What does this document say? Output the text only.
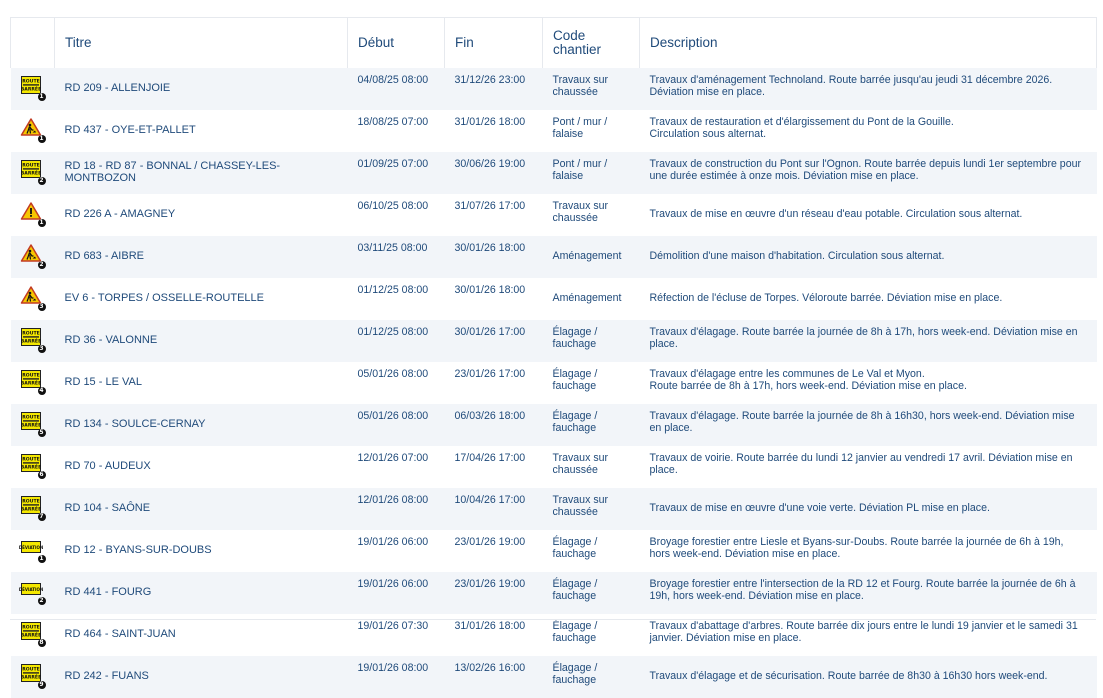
	Titre	Début	Fin	Code chantier	Description

ROUTE
BARRÉE
1	RD 209 - ALLENJOIE	04/08/25 08:00	31/12/26 23:00	Travaux sur chaussée	Travaux d'aménagement Technoland. Route barrée jusqu'au jeudi 31 décembre 2026.
Déviation mise en place.

1	RD 437 - OYE-ET-PALLET	18/08/25 07:00	31/01/26 18:00	Pont / mur / falaise	Travaux de restauration et d'élargissement du Pont de la Gouille.
Circulation sous alternat.

ROUTE
BARRÉE
2	RD 18 - RD 87 - BONNAL / CHASSEY-LES-MONTBOZON	01/09/25 07:00	30/06/26 19:00	Pont / mur / falaise	Travaux de construction du Pont sur l'Ognon. Route barrée depuis lundi 1er septembre pour
une durée estimée à onze mois. Déviation mise en place.

1	RD 226 A - AMAGNEY	06/10/25 08:00	31/07/26 17:00	Travaux sur chaussée	Travaux de mise en œuvre d'un réseau d'eau potable. Circulation sous alternat.

2	RD 683 - AIBRE	03/11/25 08:00	30/01/26 18:00	Aménagement	Démolition d'une maison d'habitation. Circulation sous alternat.

3	EV 6 - TORPES / OSSELLE-ROUTELLE	01/12/25 08:00	30/01/26 18:00	Aménagement	Réfection de l'écluse de Torpes. Véloroute barrée. Déviation mise en place.

ROUTE
BARRÉE
3	RD 36 - VALONNE	01/12/25 08:00	30/01/26 17:00	Élagage / fauchage	Travaux d'élagage. Route barrée la journée de 8h à 17h, hors week-end. Déviation mise en
place.

ROUTE
BARRÉE
4	RD 15 - LE VAL	05/01/26 08:00	23/01/26 17:00	Élagage / fauchage	Travaux d'élagage entre les communes de Le Val et Myon.
Route barrée de 8h à 17h, hors week-end. Déviation mise en place.

ROUTE
BARRÉE
5	RD 134 - SOULCE-CERNAY	05/01/26 08:00	06/03/26 18:00	Élagage / fauchage	Travaux d'élagage. Route barrée la journée de 8h à 16h30, hors week-end. Déviation mise
en place.

ROUTE
BARRÉE
6	RD 70 - AUDEUX	12/01/26 07:00	17/04/26 17:00	Travaux sur chaussée	Travaux de voirie. Route barrée du lundi 12 janvier au vendredi 17 avril. Déviation mise en
place.

ROUTE
BARRÉE
7	RD 104 - SAÔNE	12/01/26 08:00	10/04/26 17:00	Travaux sur chaussée	Travaux de mise en œuvre d'une voie verte. Déviation PL mise en place.

DÉVIATION
1	RD 12 - BYANS-SUR-DOUBS	19/01/26 06:00	23/01/26 19:00	Élagage / fauchage	Broyage forestier entre Liesle et Byans-sur-Doubs. Route barrée la journée de 6h à 19h,
hors week-end. Déviation mise en place.

DÉVIATION
2	RD 441 - FOURG	19/01/26 06:00	23/01/26 19:00	Élagage / fauchage	Broyage forestier entre l'intersection de la RD 12 et Fourg. Route barrée la journée de 6h à
19h, hors week-end. Déviation mise en place.

ROUTE
BARRÉE
8	RD 464 - SAINT-JUAN	19/01/26 07:30	31/01/26 18:00	Élagage / fauchage	Travaux d'abattage d'arbres. Route barrée dix jours entre le lundi 19 janvier et le samedi 31
janvier. Déviation mise en place.

ROUTE
BARRÉE
9	RD 242 - FUANS	19/01/26 08:00	13/02/26 16:00	Élagage / fauchage	Travaux d'élagage et de sécurisation. Route barrée de 8h30 à 16h30 hors week-end.
